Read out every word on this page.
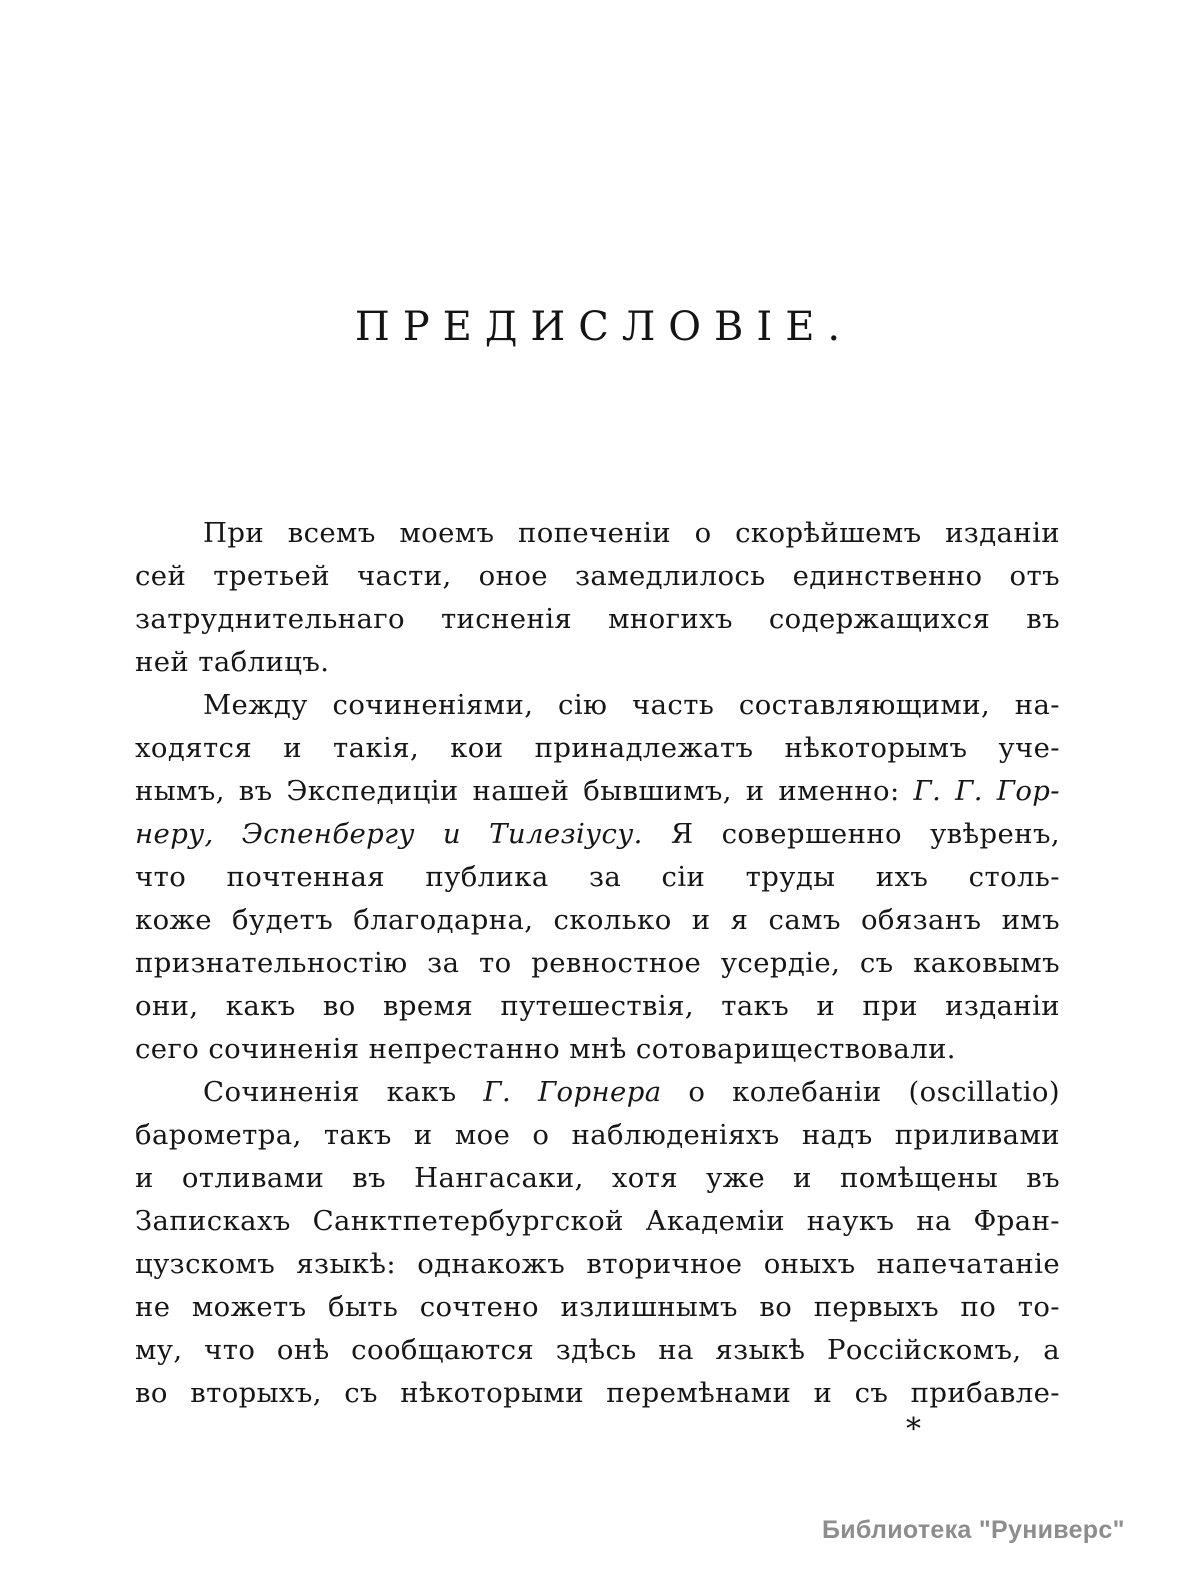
ПРЕДИСЛОВІЕ.
При всемъ моемъ попеченіи о скорѣйшемъ изданіи
сей третьей части, оное замедлилось единственно отъ
затруднительнаго тисненія многихъ содержащихся въ
ней таблицъ.
Между сочиненіями, сію часть составляющими, на-
ходятся и такія, кои принадлежатъ нѣкоторымъ уче-
нымъ, въ Экспедиціи нашей бывшимъ, и именно: Г. Г. Гор-
неру, Эспенбергу и Тилезіусу. Я совершенно увѣренъ,
что почтенная публика за сіи труды ихъ столь-
коже будетъ благодарна, сколько и я самъ обязанъ имъ
признательностію за то ревностное усердіе, съ каковымъ
они, какъ во время путешествія, такъ и при изданіи
сего сочиненія непрестанно мнѣ сотовариществовали.
Сочиненія какъ Г. Горнера о колебаніи (oscillatio)
барометра, такъ и мое о наблюденіяхъ надъ приливами
и отливами въ Нангасаки, хотя уже и помѣщены въ
Запискахъ Санктпетербургской Академіи наукъ на Фран-
цузскомъ языкѣ: однакожъ вторичное оныхъ напечатаніе
не можетъ быть сочтено излишнымъ во первыхъ по то-
му, что онѣ сообщаются здѣсь на языкѣ Россійскомъ, а
во вторыхъ, съ нѣкоторыми перемѣнами и съ прибавле-
*
Библиотека "Руниверс"
